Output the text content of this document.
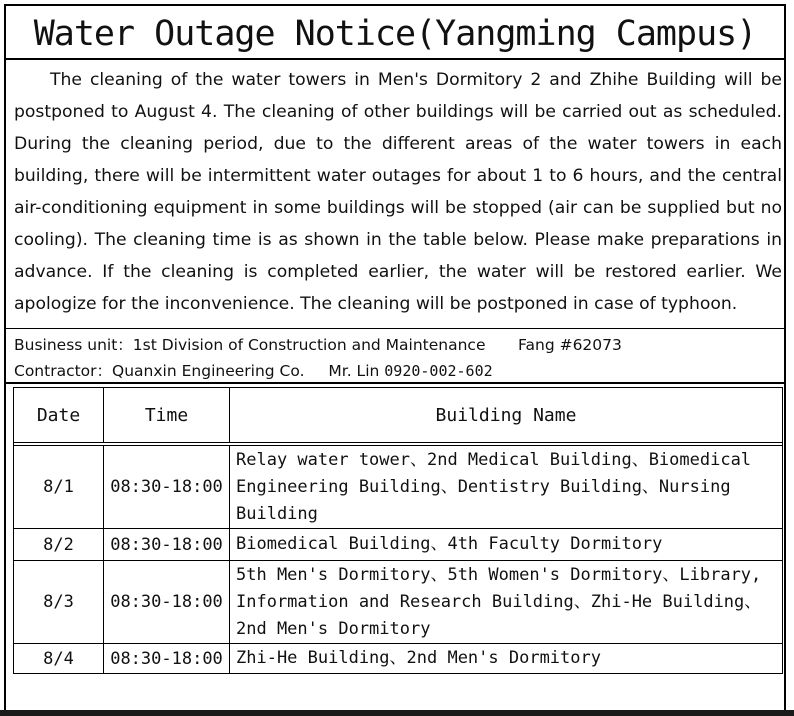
Water Outage Notice(Yangming Campus)

The cleaning of the water towers in Men's Dormitory 2 and Zhihe Building will be postponed to August 4. The cleaning of other buildings will be carried out as scheduled. During the cleaning period, due to the different areas of the water towers in each building, there will be intermittent water outages for about 1 to 6 hours, and the central air-conditioning equipment in some buildings will be stopped (air can be supplied but no cooling). The cleaning time is as shown in the table below. Please make preparations in advance. If the cleaning is completed earlier, the water will be restored earlier. We apologize for the inconvenience. The cleaning will be postponed in case of typhoon.

Business unit：1st Division of Construction and Maintenance Fang #62073
Contractor：Quanxin Engineering Co. Mr. Lin 0920-002-602
Date	Time	Building Name

8/1	08:30-18:00	Relay water tower、2nd Medical Building、Biomedical Engineering Building、Dentistry Building、Nursing Building
8/2	08:30-18:00	Biomedical Building、4th Faculty Dormitory
8/3	08:30-18:00	5th Men's Dormitory、5th Women's Dormitory、Library, Information and Research Building、Zhi-He Building、2nd Men's Dormitory
8/4	08:30-18:00	Zhi-He Building、2nd Men's Dormitory
